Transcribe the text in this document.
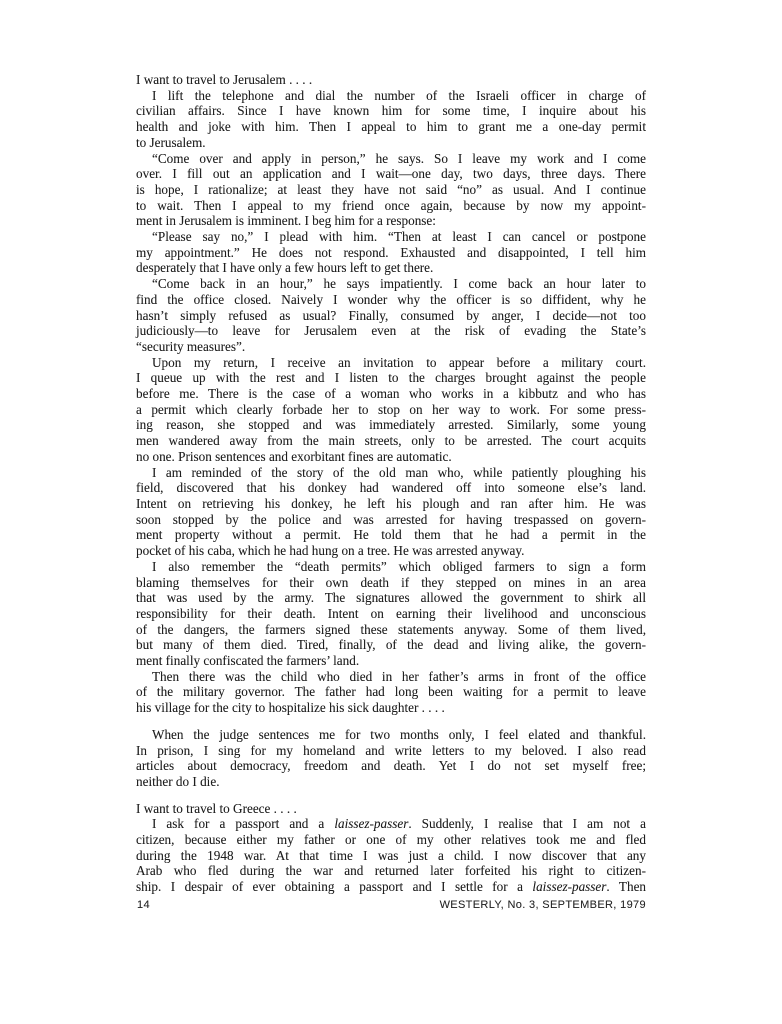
I want to travel to Jerusalem . . . .
I lift the telephone and dial the number of the Israeli officer in charge of
civilian affairs. Since I have known him for some time, I inquire about his
health and joke with him. Then I appeal to him to grant me a one-day permit
to Jerusalem.
“Come over and apply in person,” he says. So I leave my work and I come
over. I fill out an application and I wait—one day, two days, three days. There
is hope, I rationalize; at least they have not said “no” as usual. And I continue
to wait. Then I appeal to my friend once again, because by now my appoint-
ment in Jerusalem is imminent. I beg him for a response:
“Please say no,” I plead with him. “Then at least I can cancel or postpone
my appointment.” He does not respond. Exhausted and disappointed, I tell him
desperately that I have only a few hours left to get there.
“Come back in an hour,” he says impatiently. I come back an hour later to
find the office closed. Naively I wonder why the officer is so diffident, why he
hasn’t simply refused as usual? Finally, consumed by anger, I decide—not too
judiciously—to leave for Jerusalem even at the risk of evading the State’s
“security measures”.
Upon my return, I receive an invitation to appear before a military court.
I queue up with the rest and I listen to the charges brought against the people
before me. There is the case of a woman who works in a kibbutz and who has
a permit which clearly forbade her to stop on her way to work. For some press-
ing reason, she stopped and was immediately arrested. Similarly, some young
men wandered away from the main streets, only to be arrested. The court acquits
no one. Prison sentences and exorbitant fines are automatic.
I am reminded of the story of the old man who, while patiently ploughing his
field, discovered that his donkey had wandered off into someone else’s land.
Intent on retrieving his donkey, he left his plough and ran after him. He was
soon stopped by the police and was arrested for having trespassed on govern-
ment property without a permit. He told them that he had a permit in the
pocket of his caba, which he had hung on a tree. He was arrested anyway.
I also remember the “death permits” which obliged farmers to sign a form
blaming themselves for their own death if they stepped on mines in an area
that was used by the army. The signatures allowed the government to shirk all
responsibility for their death. Intent on earning their livelihood and unconscious
of the dangers, the farmers signed these statements anyway. Some of them lived,
but many of them died. Tired, finally, of the dead and living alike, the govern-
ment finally confiscated the farmers’ land.
Then there was the child who died in her father’s arms in front of the office
of the military governor. The father had long been waiting for a permit to leave
his village for the city to hospitalize his sick daughter . . . .
When the judge sentences me for two months only, I feel elated and thankful.
In prison, I sing for my homeland and write letters to my beloved. I also read
articles about democracy, freedom and death. Yet I do not set myself free;
neither do I die.
I want to travel to Greece . . . .
I ask for a passport and a laissez-passer. Suddenly, I realise that I am not a
citizen, because either my father or one of my other relatives took me and fled
during the 1948 war. At that time I was just a child. I now discover that any
Arab who fled during the war and returned later forfeited his right to citizen-
ship. I despair of ever obtaining a passport and I settle for a laissez-passer. Then
14	WESTERLY, No. 3, SEPTEMBER, 1979
